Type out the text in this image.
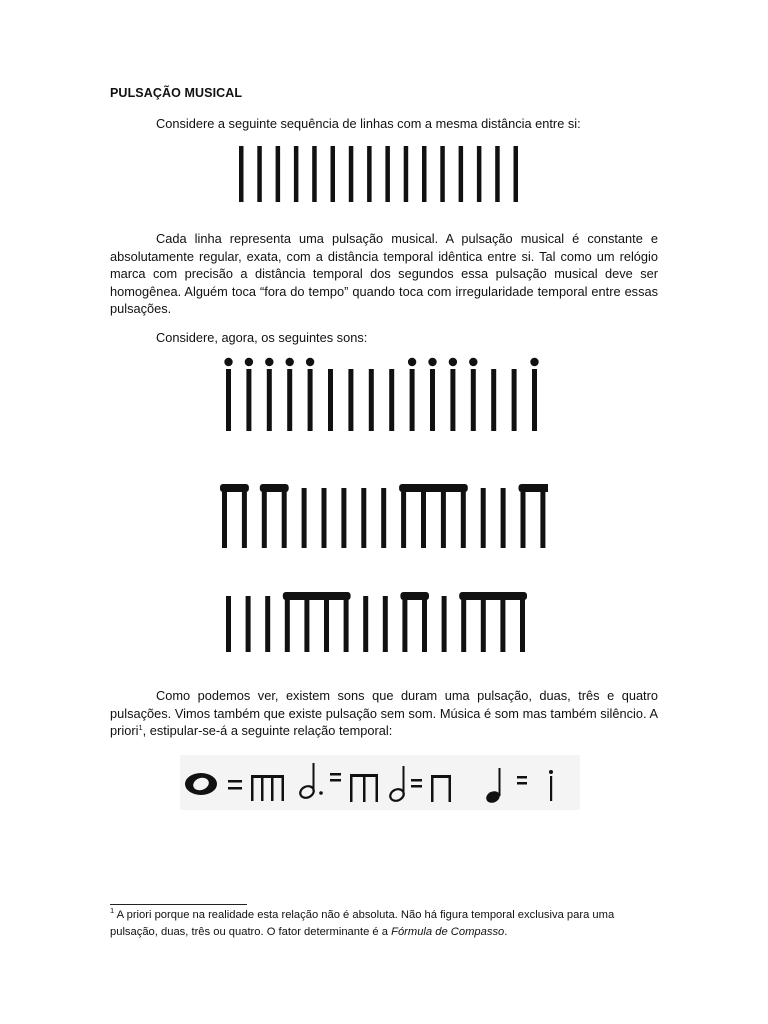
PULSAÇÃO MUSICAL

Considere a seguinte sequência de linhas com a mesma distância entre si:

Cada linha representa uma pulsação musical. A pulsação musical é constante e absolutamente regular, exata, com a distância temporal idêntica entre si. Tal como um relógio marca com precisão a distância temporal dos segundos essa pulsação musical deve ser homogênea. Alguém toca “fora do tempo” quando toca com irregularidade temporal entre essas pulsações.

Considere, agora, os seguintes sons:

Como podemos ver, existem sons que duram uma pulsação, duas, três e quatro pulsações. Vimos também que existe pulsação sem som. Música é som mas também silêncio. A priori$^1$, estipular-se-á a seguinte relação temporal:

$^1$ A priori porque na realidade esta relação não é absoluta. Não há figura temporal exclusiva para uma pulsação, duas, três ou quatro. O fator determinante é a Fórmula de Compasso.
